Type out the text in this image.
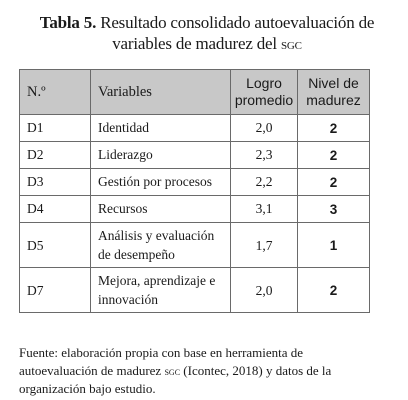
Tabla 5. Resultado consolidado autoevaluación de variables de madurez del sgc
N.º	Variables	Logro promedio	Nivel de madurez
D1	Identidad	2,0	2
D2	Liderazgo	2,3	2
D3	Gestión por procesos	2,2	2
D4	Recursos	3,1	3
D5	Análisis y evaluación de desempeño	1,7	1
D7	Mejora, aprendizaje e innovación	2,0	2
Fuente: elaboración propia con base en herramienta de autoevaluación de madurez sgc (Icontec, 2018) y datos de la organización bajo estudio.
